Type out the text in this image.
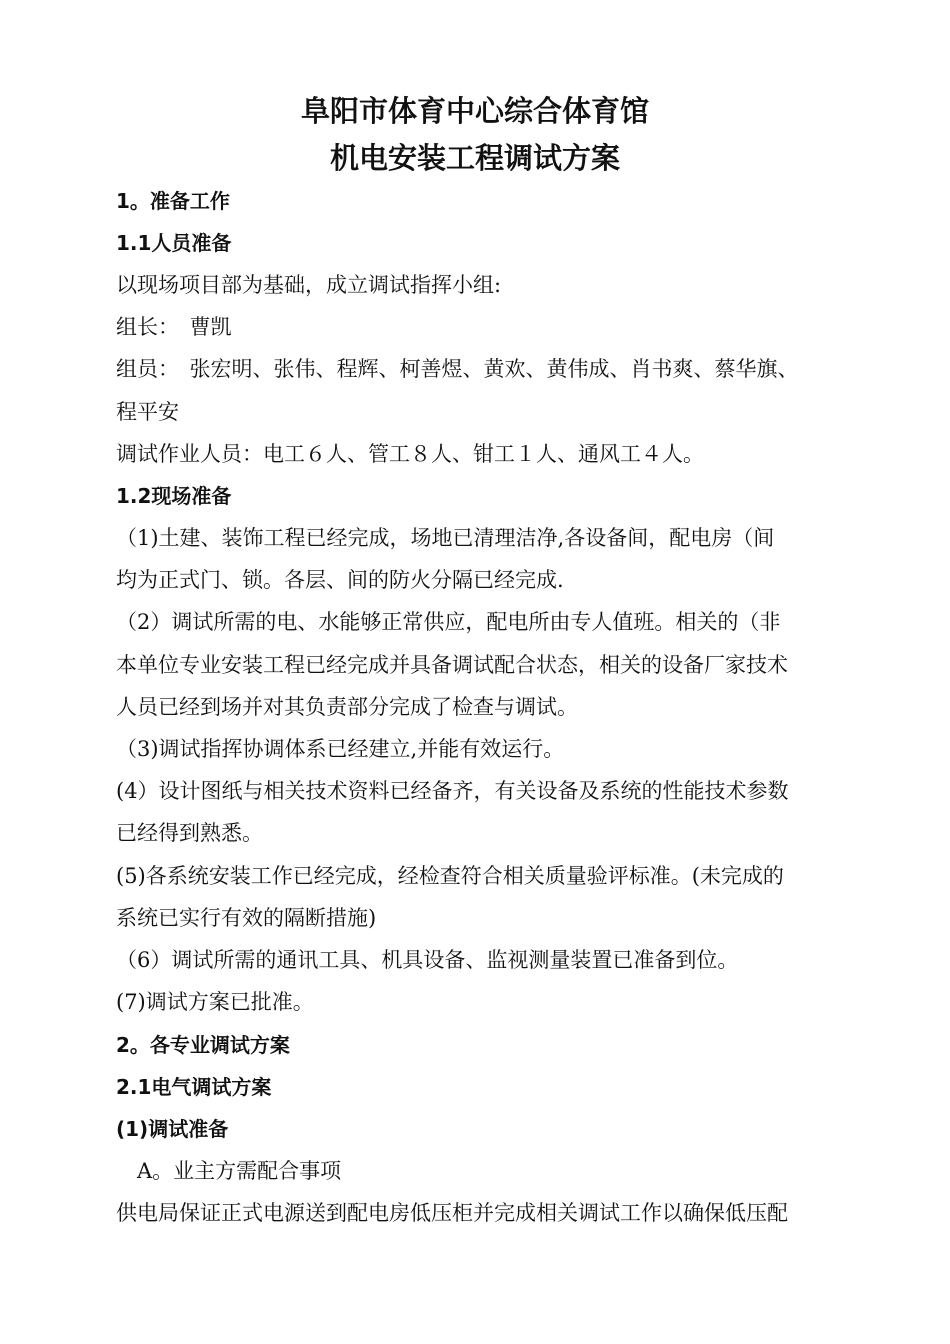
阜阳市体育中心综合体育馆
机电安装工程调试方案
1。准备工作
1.1人员准备
以现场项目部为基础，成立调试指挥小组:
组长：　曹凯
组员：　张宏明、张伟、程辉、柯善煜、黄欢、黄伟成、肖书爽、蔡华旗、
程平安
调试作业人员：电工６人、管工８人、钳工１人、通风工４人。
1.2现场准备
（1)土建、装饰工程已经完成，场地已清理洁净,各设备间，配电房（间
均为正式门、锁。各层、间的防火分隔已经完成.
（2）调试所需的电、水能够正常供应，配电所由专人值班。相关的（非
本单位专业安装工程已经完成并具备调试配合状态，相关的设备厂家技术
人员已经到场并对其负责部分完成了检查与调试。
（3)调试指挥协调体系已经建立,并能有效运行。
(4）设计图纸与相关技术资料已经备齐，有关设备及系统的性能技术参数
已经得到熟悉。
(5)各系统安装工作已经完成，经检查符合相关质量验评标准。(未完成的
系统已实行有效的隔断措施)
（6）调试所需的通讯工具、机具设备、监视测量装置已准备到位。
(7)调试方案已批准。
2。各专业调试方案
2.1电气调试方案
(1)调试准备
　A。业主方需配合事项
供电局保证正式电源送到配电房低压柜并完成相关调试工作以确保低压配
